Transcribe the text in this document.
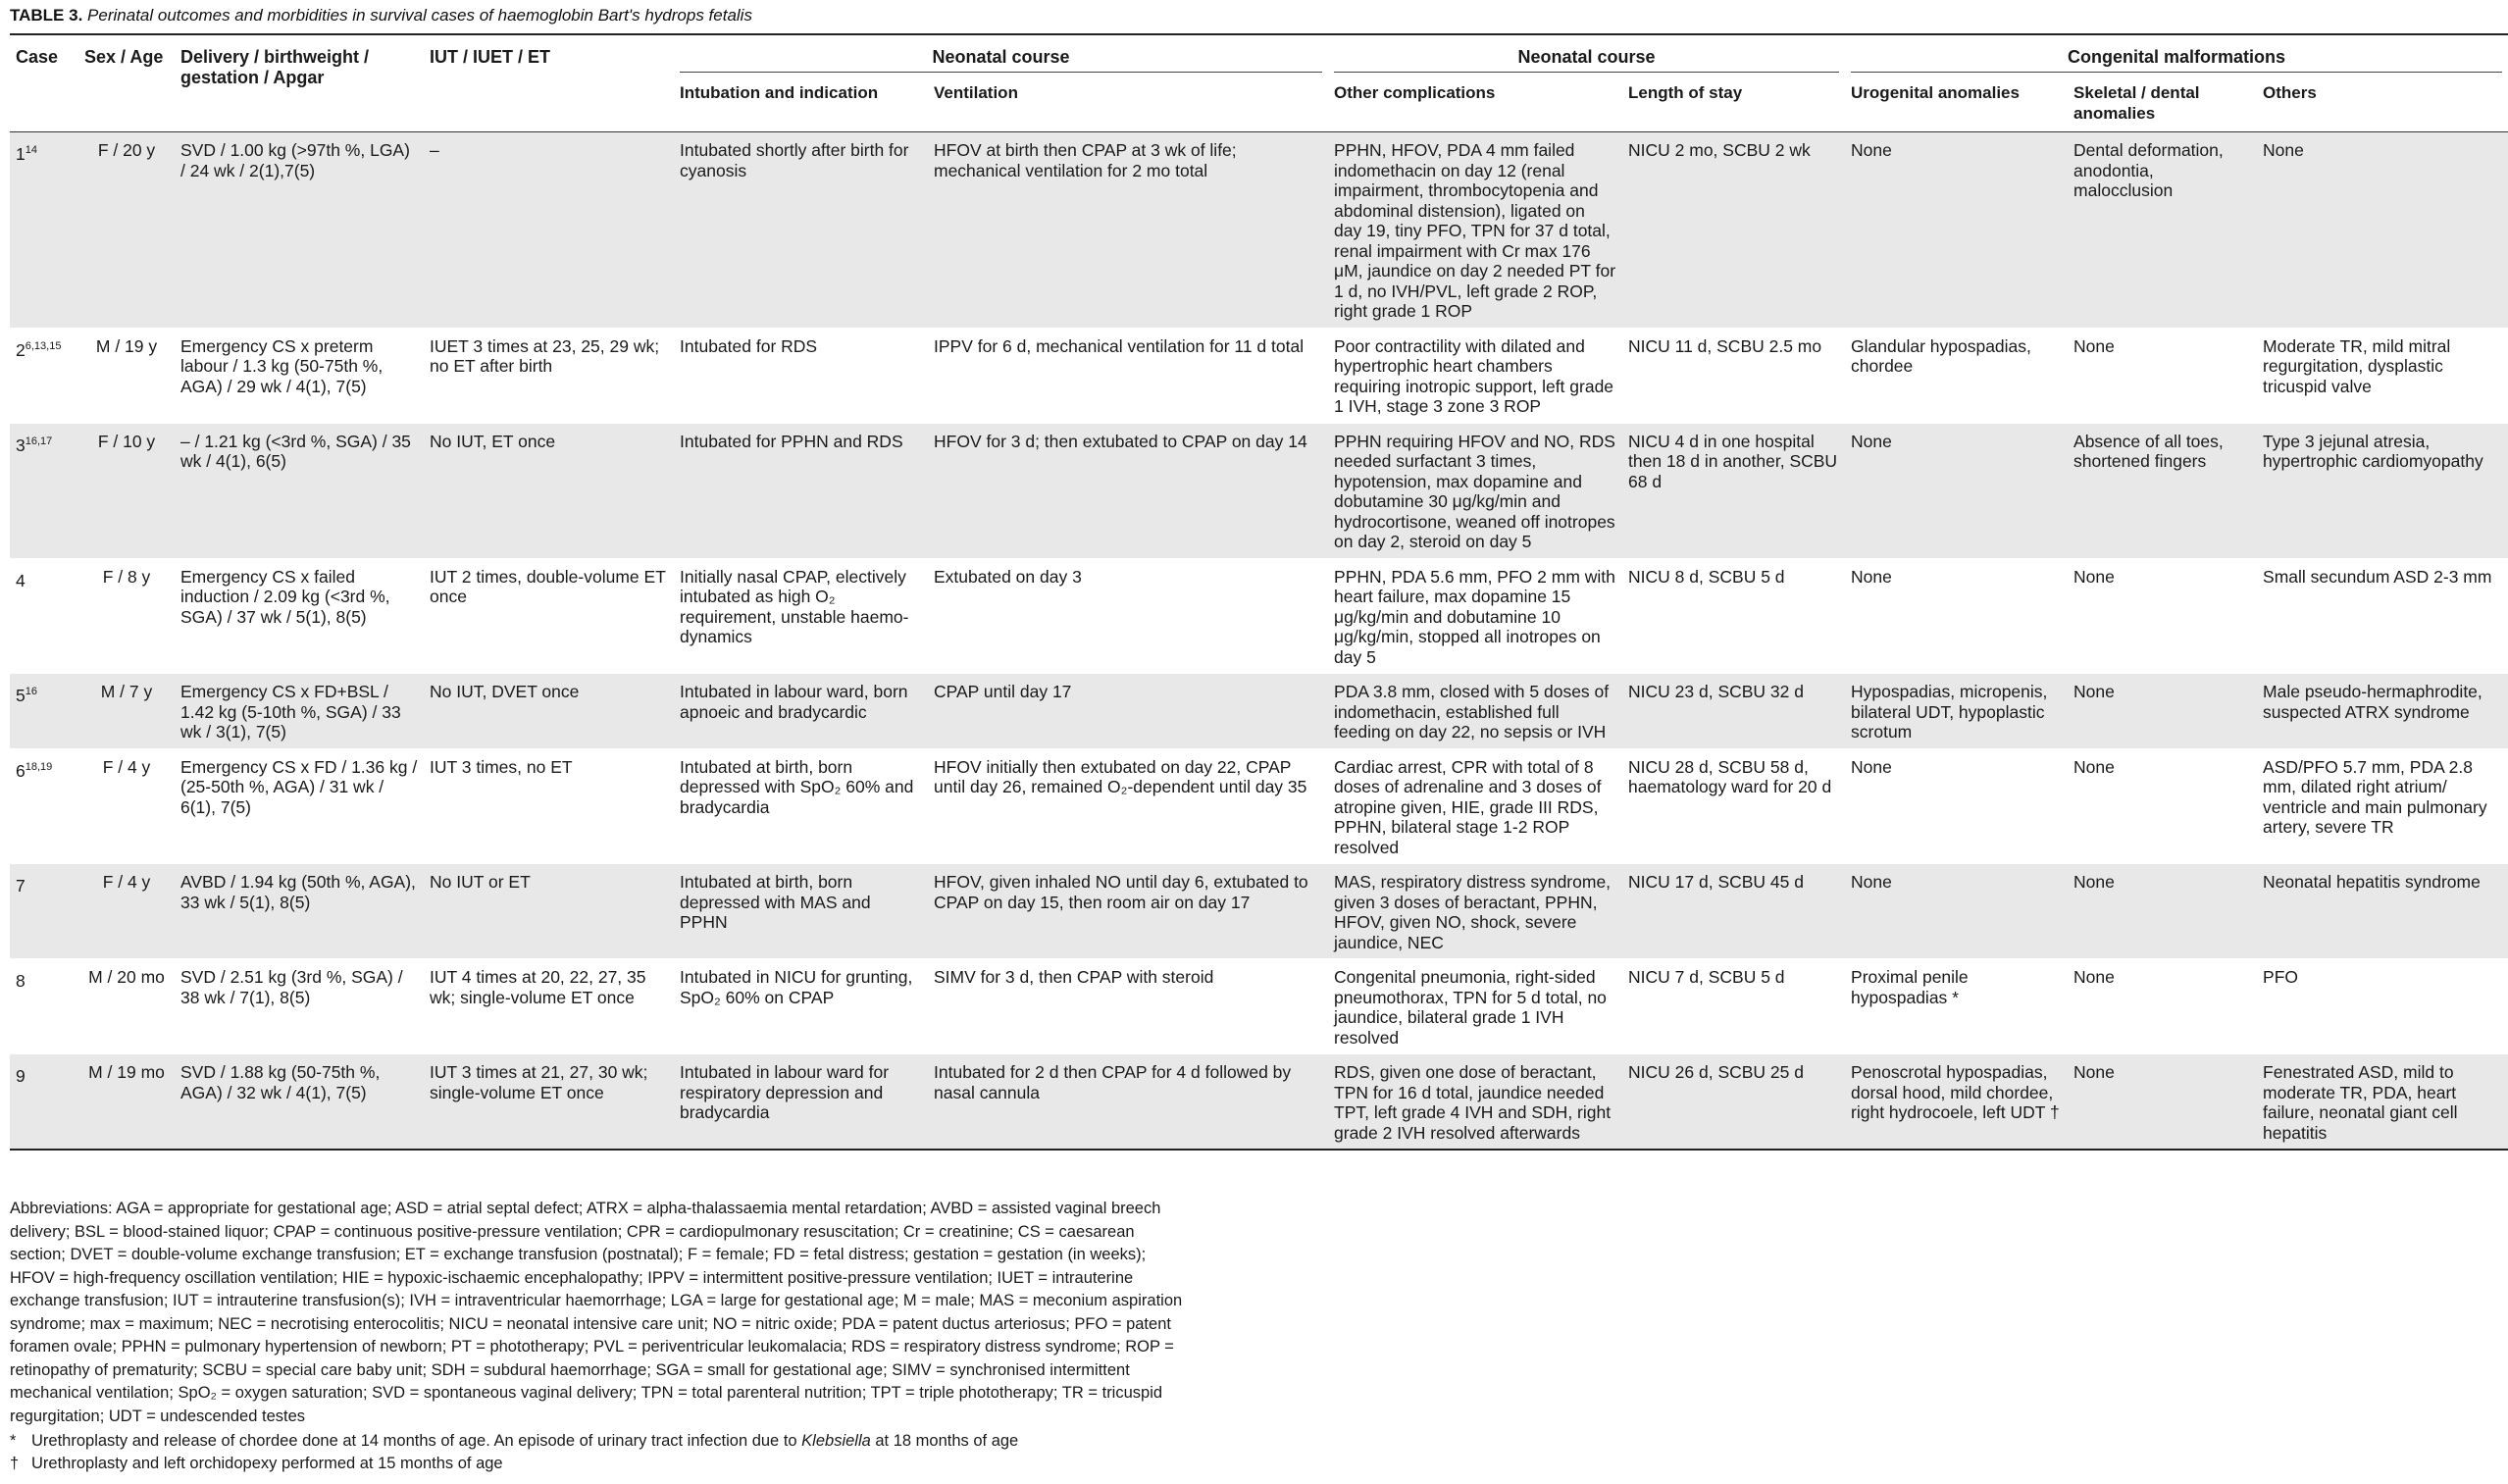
TABLE 3. Perinatal outcomes and morbidities in survival cases of haemoglobin Bart's hydrops fetalis
Case	Sex / Age	Delivery / birthweight / gestation / Apgar	IUT / IUET / ET	Neonatal course		Neonatal course		Congenital malformations		

				Intubation and indication	Ventilation	Other complications	Length of stay	Urogenital anomalies	Skeletal / dental anomalies	Others
$1^{14}$	F / 20 y	SVD / 1.00 kg (>97th %, LGA) / 24 wk / 2(1),7(5)	–	Intubated shortly after birth for cyanosis	HFOV at birth then CPAP at 3 wk of life; mechanical ventilation for 2 mo total	PPHN, HFOV, PDA 4 mm failed indomethacin on day 12 (renal impairment, thrombocytopenia and abdominal distension), ligated on day 19, tiny PFO, TPN for 37 d total, renal impairment with Cr max 176 μM, jaundice on day 2 needed PT for 1 d, no IVH/PVL, left grade 2 ROP, right grade 1 ROP	NICU 2 mo, SCBU 2 wk	None	Dental deformation, anodontia, malocclusion	None
2$^{6,13,15}$	M / 19 y	Emergency CS x preterm labour / 1.3 kg (50-75th %, AGA) / 29 wk / 4(1), 7(5)	IUET 3 times at 23, 25, 29 wk; no ET after birth	Intubated for RDS	IPPV for 6 d, mechanical ventilation for 11 d total	Poor contractility with dilated and hypertrophic heart chambers requiring inotropic support, left grade 1 IVH, stage 3 zone 3 ROP	NICU 11 d, SCBU 2.5 mo	Glandular hypospadias, chordee	None	Moderate TR, mild mitral regurgitation, dysplastic tricuspid valve
3$^{16,17}$	F / 10 y	– / 1.21 kg (<3rd %, SGA) / 35 wk / 4(1), 6(5)	No IUT, ET once	Intubated for PPHN and RDS	HFOV for 3 d; then extubated to CPAP on day 14	PPHN requiring HFOV and NO, RDS needed surfactant 3 times, hypotension, max dopamine and dobutamine 30 μg/kg/min and hydrocortisone, weaned off inotropes on day 2, steroid on day 5	NICU 4 d in one hospital then 18 d in another, SCBU 68 d	None	Absence of all toes, shortened fingers	Type 3 jejunal atresia, hypertrophic cardiomyopathy
4	F / 8 y	Emergency CS x failed induction / 2.09 kg (<3rd %, SGA) / 37 wk / 5(1), 8(5)	IUT 2 times, double-volume ET once	Initially nasal CPAP, electively intubated as high O₂ requirement, unstable haemo-dynamics	Extubated on day 3	PPHN, PDA 5.6 mm, PFO 2 mm with heart failure, max dopamine 15 μg/kg/min and dobutamine 10 μg/kg/min, stopped all inotropes on day 5	NICU 8 d, SCBU 5 d	None	None	Small secundum ASD 2-3 mm
$5^{16}$	M / 7 y	Emergency CS x FD+BSL / 1.42 kg (5-10th %, SGA) / 33 wk / 3(1), 7(5)	No IUT, DVET once	Intubated in labour ward, born apnoeic and bradycardic	CPAP until day 17	PDA 3.8 mm, closed with 5 doses of indomethacin, established full feeding on day 22, no sepsis or IVH	NICU 23 d, SCBU 32 d	Hypospadias, micropenis, bilateral UDT, hypoplastic scrotum	None	Male pseudo-hermaphrodite, suspected ATRX syndrome
6$^{18,19}$	F / 4 y	Emergency CS x FD / 1.36 kg / (25-50th %, AGA) / 31 wk / 6(1), 7(5)	IUT 3 times, no ET	Intubated at birth, born depressed with SpO₂ 60% and bradycardia	HFOV initially then extubated on day 22, CPAP until day 26, remained O₂-dependent until day 35	Cardiac arrest, CPR with total of 8 doses of adrenaline and 3 doses of atropine given, HIE, grade III RDS, PPHN, bilateral stage 1-2 ROP resolved	NICU 28 d, SCBU 58 d, haematology ward for 20 d	None	None	ASD/PFO 5.7 mm, PDA 2.8 mm, dilated right atrium/ ventricle and main pulmonary artery, severe TR
7	F / 4 y	AVBD / 1.94 kg (50th %, AGA), 33 wk / 5(1), 8(5)	No IUT or ET	Intubated at birth, born depressed with MAS and PPHN	HFOV, given inhaled NO until day 6, extubated to CPAP on day 15, then room air on day 17	MAS, respiratory distress syndrome, given 3 doses of beractant, PPHN, HFOV, given NO, shock, severe jaundice, NEC	NICU 17 d, SCBU 45 d	None	None	Neonatal hepatitis syndrome
8	M / 20 mo	SVD / 2.51 kg (3rd %, SGA) / 38 wk / 7(1), 8(5)	IUT 4 times at 20, 22, 27, 35 wk; single-volume ET once	Intubated in NICU for grunting, SpO₂ 60% on CPAP	SIMV for 3 d, then CPAP with steroid	Congenital pneumonia, right-sided pneumothorax, TPN for 5 d total, no jaundice, bilateral grade 1 IVH resolved	NICU 7 d, SCBU 5 d	Proximal penile hypospadias *	None	PFO
9	M / 19 mo	SVD / 1.88 kg (50-75th %, AGA) / 32 wk / 4(1), 7(5)	IUT 3 times at 21, 27, 30 wk; single-volume ET once	Intubated in labour ward for respiratory depression and bradycardia	Intubated for 2 d then CPAP for 4 d followed by nasal cannula	RDS, given one dose of beractant, TPN for 16 d total, jaundice needed TPT, left grade 4 IVH and SDH, right grade 2 IVH resolved afterwards	NICU 26 d, SCBU 25 d	Penoscrotal hypospadias, dorsal hood, mild chordee, right hydrocoele, left UDT †	None	Fenestrated ASD, mild to moderate TR, PDA, heart failure, neonatal giant cell hepatitis
Abbreviations: AGA = appropriate for gestational age; ASD = atrial septal defect; ATRX = alpha-thalassaemia mental retardation; AVBD = assisted vaginal breech delivery; BSL = blood-stained liquor; CPAP = continuous positive-pressure ventilation; CPR = cardiopulmonary resuscitation; Cr = creatinine; CS = caesarean section; DVET = double-volume exchange transfusion; ET = exchange transfusion (postnatal); F = female; FD = fetal distress; gestation = gestation (in weeks); HFOV = high-frequency oscillation ventilation; HIE = hypoxic-ischaemic encephalopathy; IPPV = intermittent positive-pressure ventilation; IUET = intrauterine exchange transfusion; IUT = intrauterine transfusion(s); IVH = intraventricular haemorrhage; LGA = large for gestational age; M = male; MAS = meconium aspiration syndrome; max = maximum; NEC = necrotising enterocolitis; NICU = neonatal intensive care unit; NO = nitric oxide; PDA = patent ductus arteriosus; PFO = patent foramen ovale; PPHN = pulmonary hypertension of newborn; PT = phototherapy; PVL = periventricular leukomalacia; RDS = respiratory distress syndrome; ROP = retinopathy of prematurity; SCBU = special care baby unit; SDH = subdural haemorrhage; SGA = small for gestational age; SIMV = synchronised intermittent mechanical ventilation; SpO₂ = oxygen saturation; SVD = spontaneous vaginal delivery; TPN = total parenteral nutrition; TPT = triple phototherapy; TR = tricuspid regurgitation; UDT = undescended testes
* Urethroplasty and release of chordee done at 14 months of age. An episode of urinary tract infection due to Klebsiella at 18 months of age
† Urethroplasty and left orchidopexy performed at 15 months of age
